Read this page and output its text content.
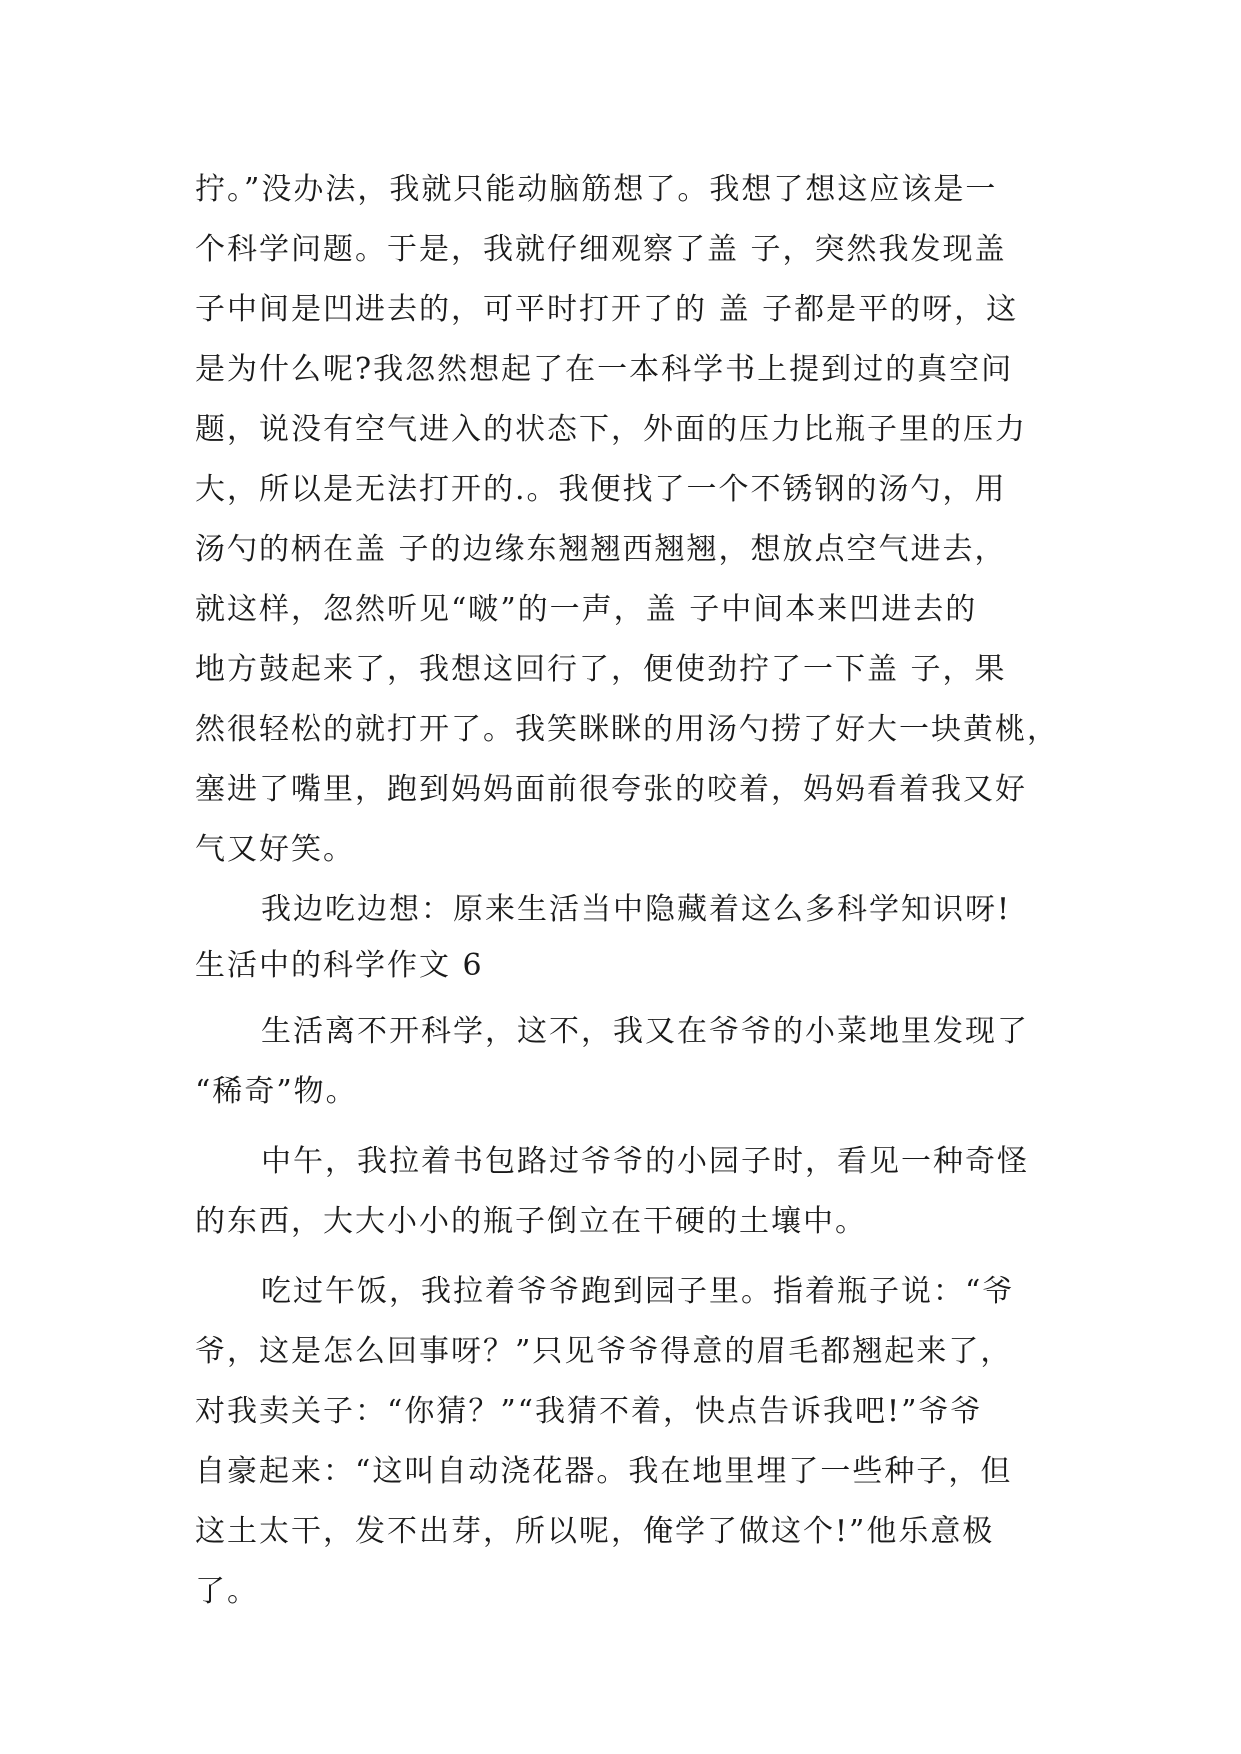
拧。”没办法，我就只能动脑筋想了。我想了想这应该是一

个科学问题。于是，我就仔细观察了盖 子，突然我发现盖

子中间是凹进去的，可平时打开了的 盖 子都是平的呀，这

是为什么呢?我忽然想起了在一本科学书上提到过的真空问

题，说没有空气进入的状态下，外面的压力比瓶子里的压力

大，所以是无法打开的.。我便找了一个不锈钢的汤勺，用

汤勺的柄在盖 子的边缘东翘翘西翘翘，想放点空气进去，

就这样，忽然听见“啵”的一声，盖 子中间本来凹进去的

地方鼓起来了，我想这回行了，便使劲拧了一下盖 子，果

然很轻松的就打开了。我笑眯眯的用汤勺捞了好大一块黄桃，

塞进了嘴里，跑到妈妈面前很夸张的咬着，妈妈看着我又好

气又好笑。

我边吃边想：原来生活当中隐藏着这么多科学知识呀!

生活中的科学作文 6

生活离不开科学，这不，我又在爷爷的小菜地里发现了

“稀奇”物。

中午，我拉着书包路过爷爷的小园子时，看见一种奇怪

的东西，大大小小的瓶子倒立在干硬的土壤中。

吃过午饭，我拉着爷爷跑到园子里。指着瓶子说：“爷

爷，这是怎么回事呀？”只见爷爷得意的眉毛都翘起来了，

对我卖关子：“你猜？”“我猜不着，快点告诉我吧!”爷爷

自豪起来：“这叫自动浇花器。我在地里埋了一些种子，但

这土太干，发不出芽，所以呢，俺学了做这个!”他乐意极

了。
